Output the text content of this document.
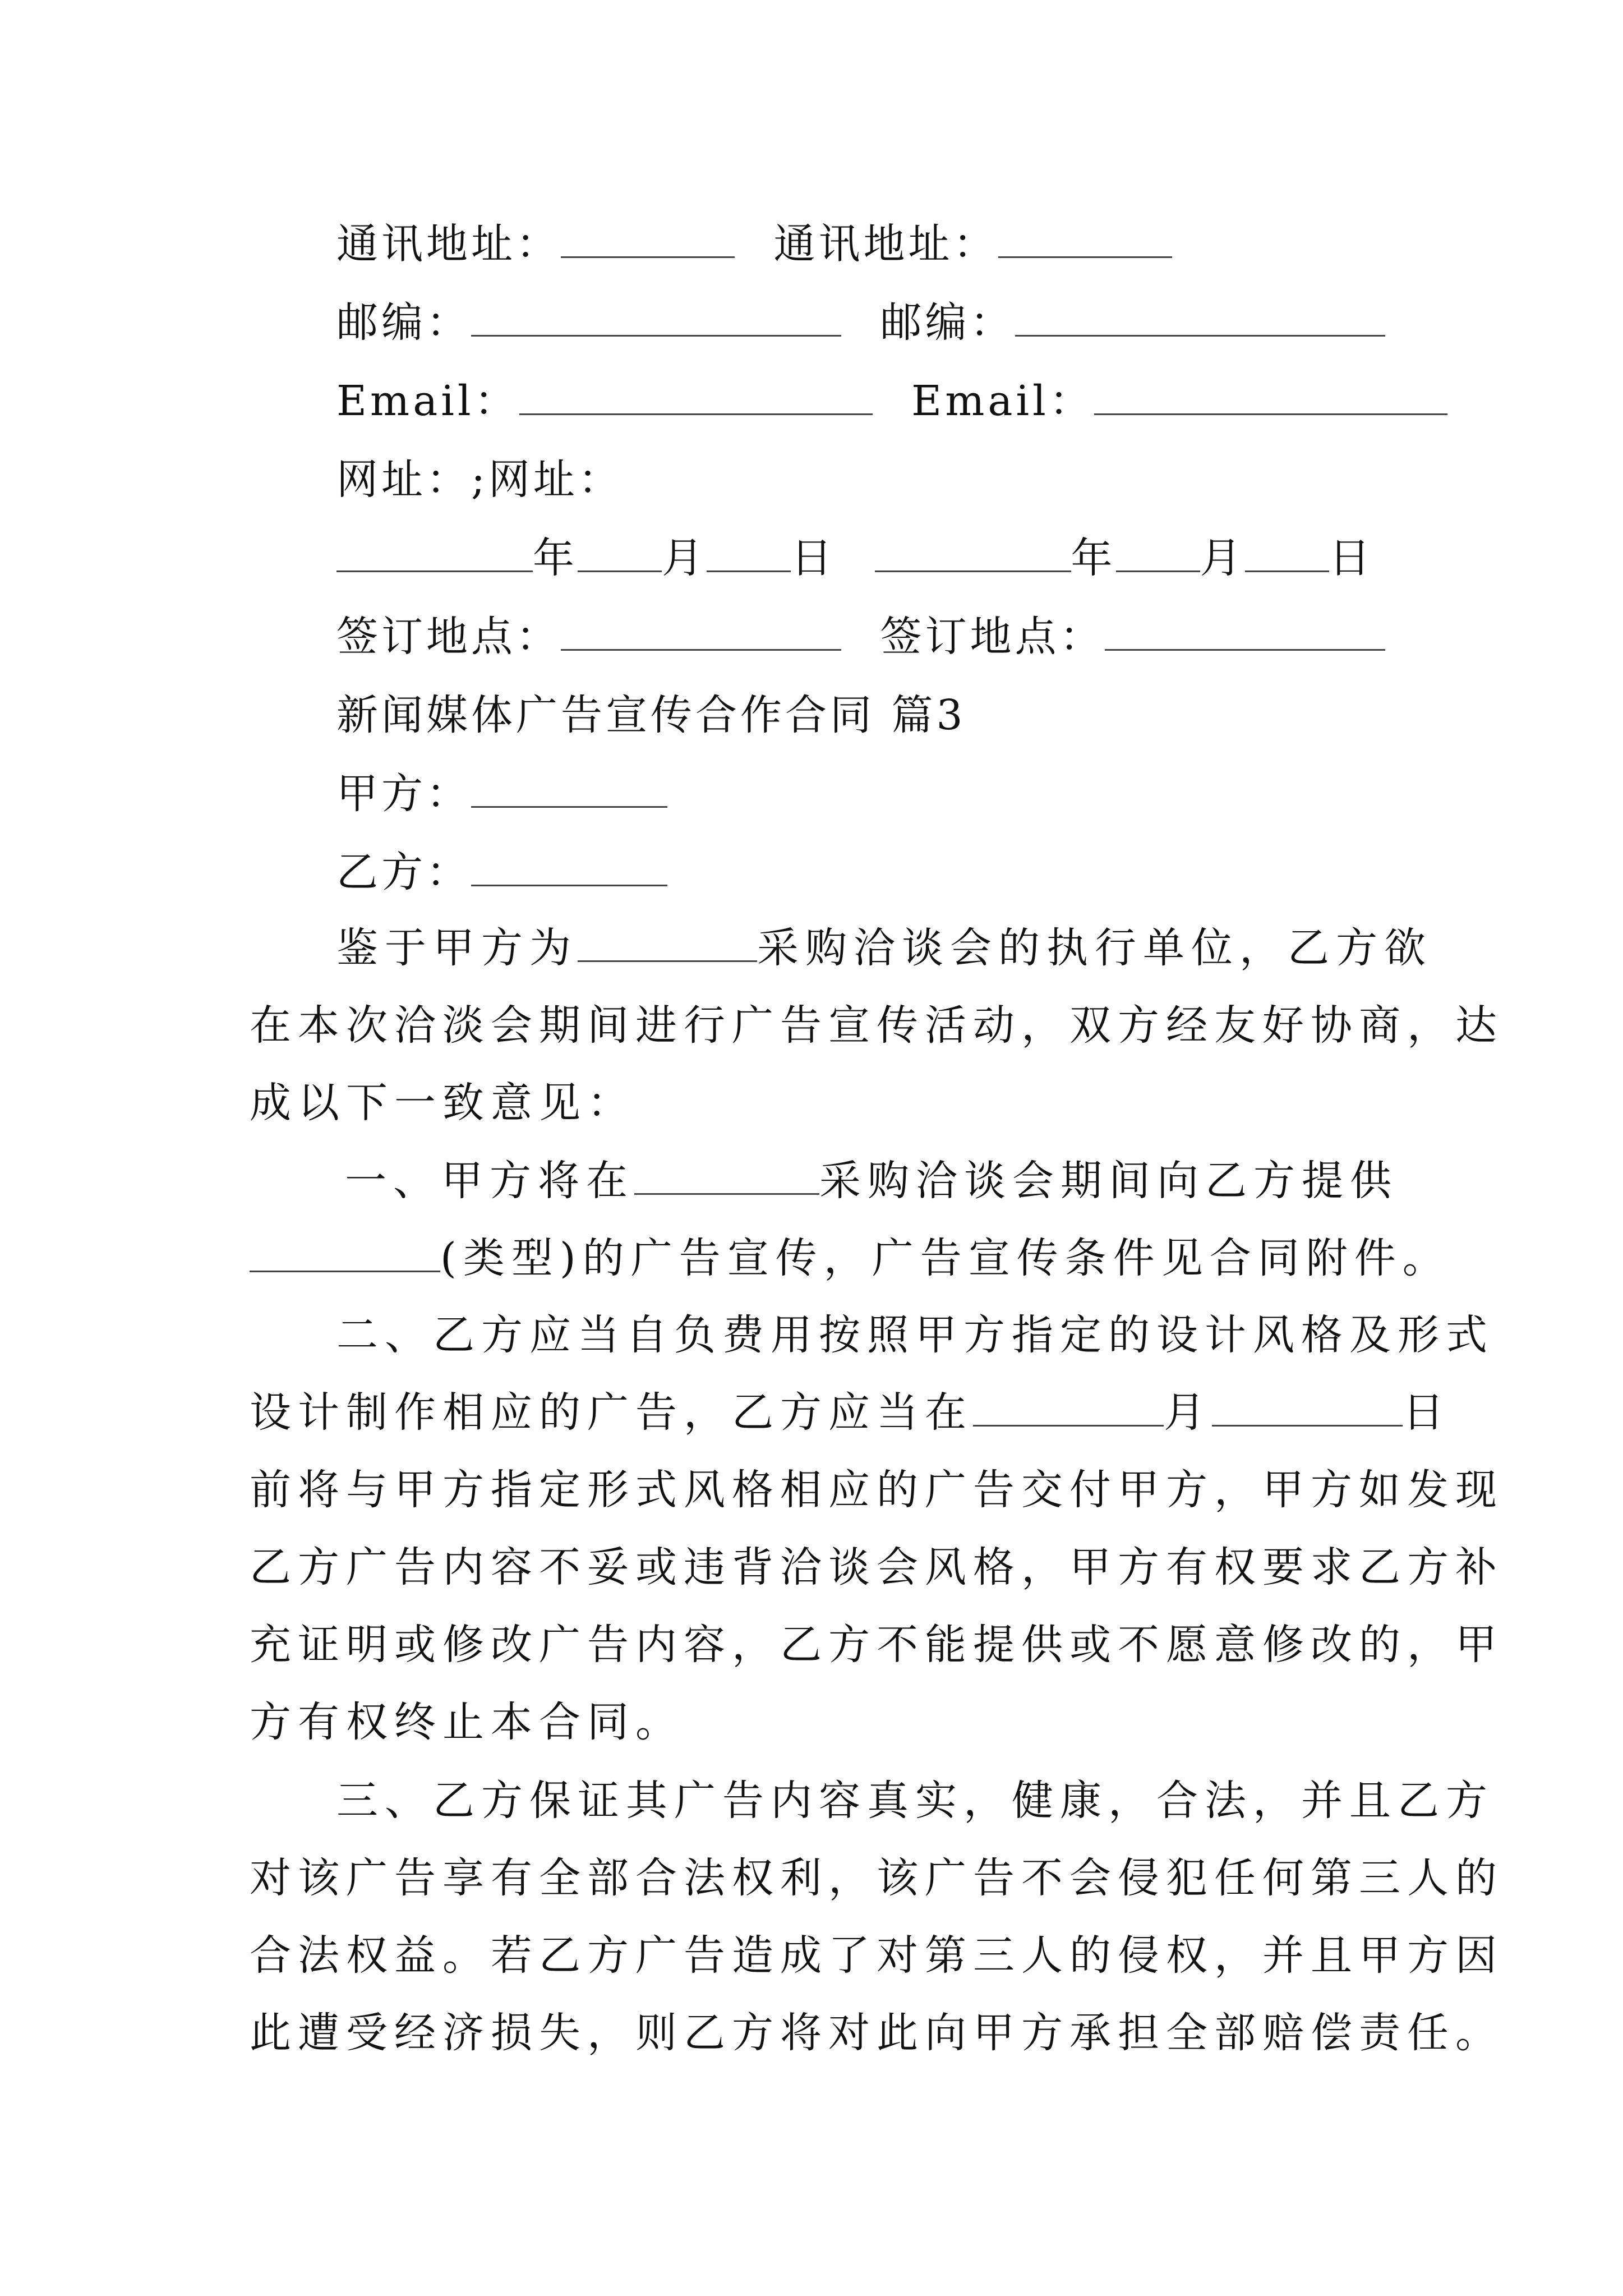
通讯地址：	通讯地址：
邮编：	邮编：
Email：	Email：
网址：;网址：
年 月 日	年 月 日
签订地点：	签订地点：
新闻媒体广告宣传合作合同 篇3
甲方：
乙方：
鉴于甲方为	采购洽谈会的执行单位，乙方欲
在本次洽淡会期间进行广告宣传活动，双方经友好协商，达
成以下一致意见：
一、甲方将在	采购洽谈会期间向乙方提供
(类型)的广告宣传，广告宣传条件见合同附件。
二、乙方应当自负费用按照甲方指定的设计风格及形式
设计制作相应的广告，乙方应当在	月	日
前将与甲方指定形式风格相应的广告交付甲方，甲方如发现
乙方广告内容不妥或违背洽谈会风格，甲方有权要求乙方补
充证明或修改广告内容，乙方不能提供或不愿意修改的，甲
方有权终止本合同。
三、乙方保证其广告内容真实，健康，合法，并且乙方
对该广告享有全部合法权利，该广告不会侵犯任何第三人的
合法权益。若乙方广告造成了对第三人的侵权，并且甲方因
此遭受经济损失，则乙方将对此向甲方承担全部赔偿责任。
